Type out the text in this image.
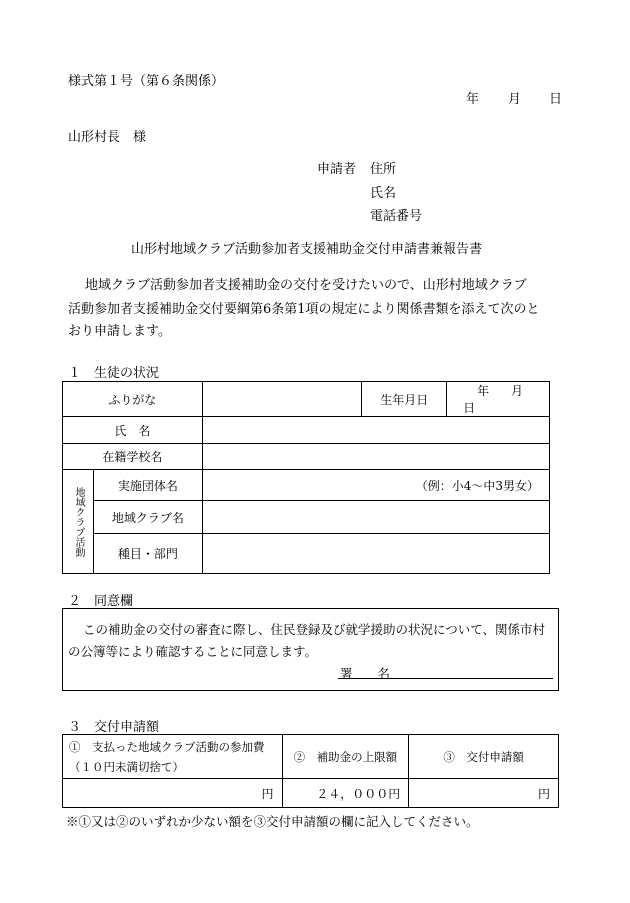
様式第１号（第６条関係）
年 月 日
山形村長　様
申請者 住所
氏名
電話番号
山形村地域クラブ活動参加者支援補助金交付申請書兼報告書
地域クラブ活動参加者支援補助金の交付を受けたいので、山形村地域クラブ
活動参加者支援補助金交付要綱第6条第1項の規定により関係書類を添えて次のと
おり申請します。
１　生徒の状況
ふりがな			生年月日	年 月 日
氏　名				
在籍学校名				

地域クラブ活動	実施団体名	（例：小4～中3男女）		
	地域クラブ名			
	種目・部門			
２　同意欄
この補助金の交付の審査に際し、住民登録及び就学援助の状況について、関係市村
の公簿等により確認することに同意します。
署　　名
３　交付申請額
①　支払った地域クラブ活動の参加費
（１０円未満切捨て）	②　補助金の上限額	③　交付申請額
円	２４，０００円	円
※①又は②のいずれか少ない額を③交付申請額の欄に記入してください。
